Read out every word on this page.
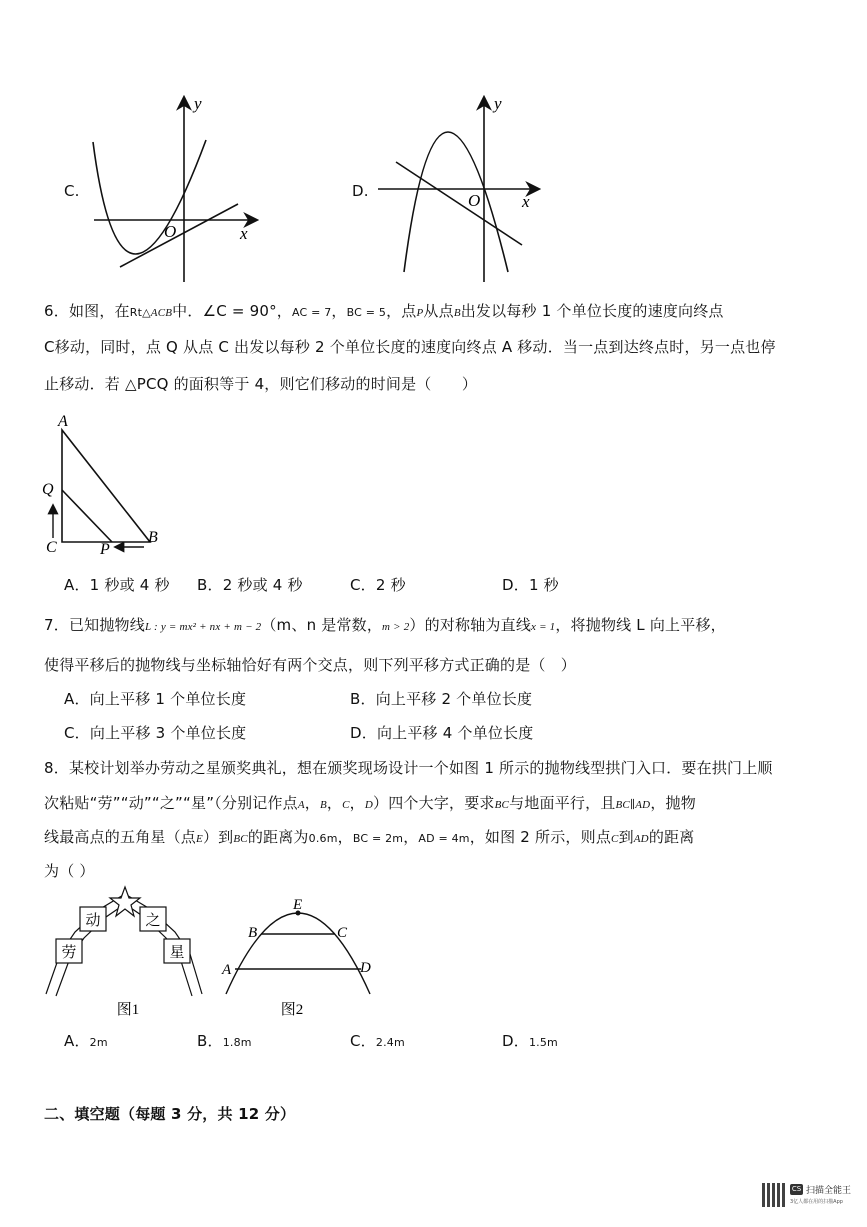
C.
y
x
O
D.
y
x
O
6．如图，在Rt△ACB中．∠C = 90°，AC = 7，BC = 5，点P从点B出发以每秒 1 个单位长度的速度向终点
C移动，同时，点 Q 从点 C 出发以每秒 2 个单位长度的速度向终点 A 移动．当一点到达终点时，另一点也停
止移动．若 △PCQ 的面积等于 4，则它们移动的时间是（　　）
A
Q
C	P
B
A．1 秒或 4 秒 B．2 秒或 4 秒	C．2 秒	D．1 秒
7．已知抛物线L : y = mx² + nx + m − 2（m、n 是常数，m > 2）的对称轴为直线x = 1，将抛物线 L 向上平移，
使得平移后的抛物线与坐标轴恰好有两个交点，则下列平移方式正确的是（　）
A．向上平移 1 个单位长度	B．向上平移 2 个单位长度
C．向上平移 3 个单位长度	D．向上平移 4 个单位长度
8．某校计划举办劳动之星颁奖典礼，想在颁奖现场设计一个如图 1 所示的抛物线型拱门入口．要在拱门上顺
次粘贴“劳”“动”“之”“星”（分别记作点A，B，C，D）四个大字，要求BC与地面平行，且BC∥AD，抛物
线最高点的五角星（点E）到BC的距离为0.6m，BC = 2m，AD = 4m，如图 2 所示，则点C到AD的距离
为（ ）
劳
动	之
星
图1
E
B	C
A	D
图2
A．2m	B．1.8m	C．2.4m	D．1.5m
二、填空题（每题 3 分，共 12 分）
CS 扫描全能王
3亿人都在用的扫描App
